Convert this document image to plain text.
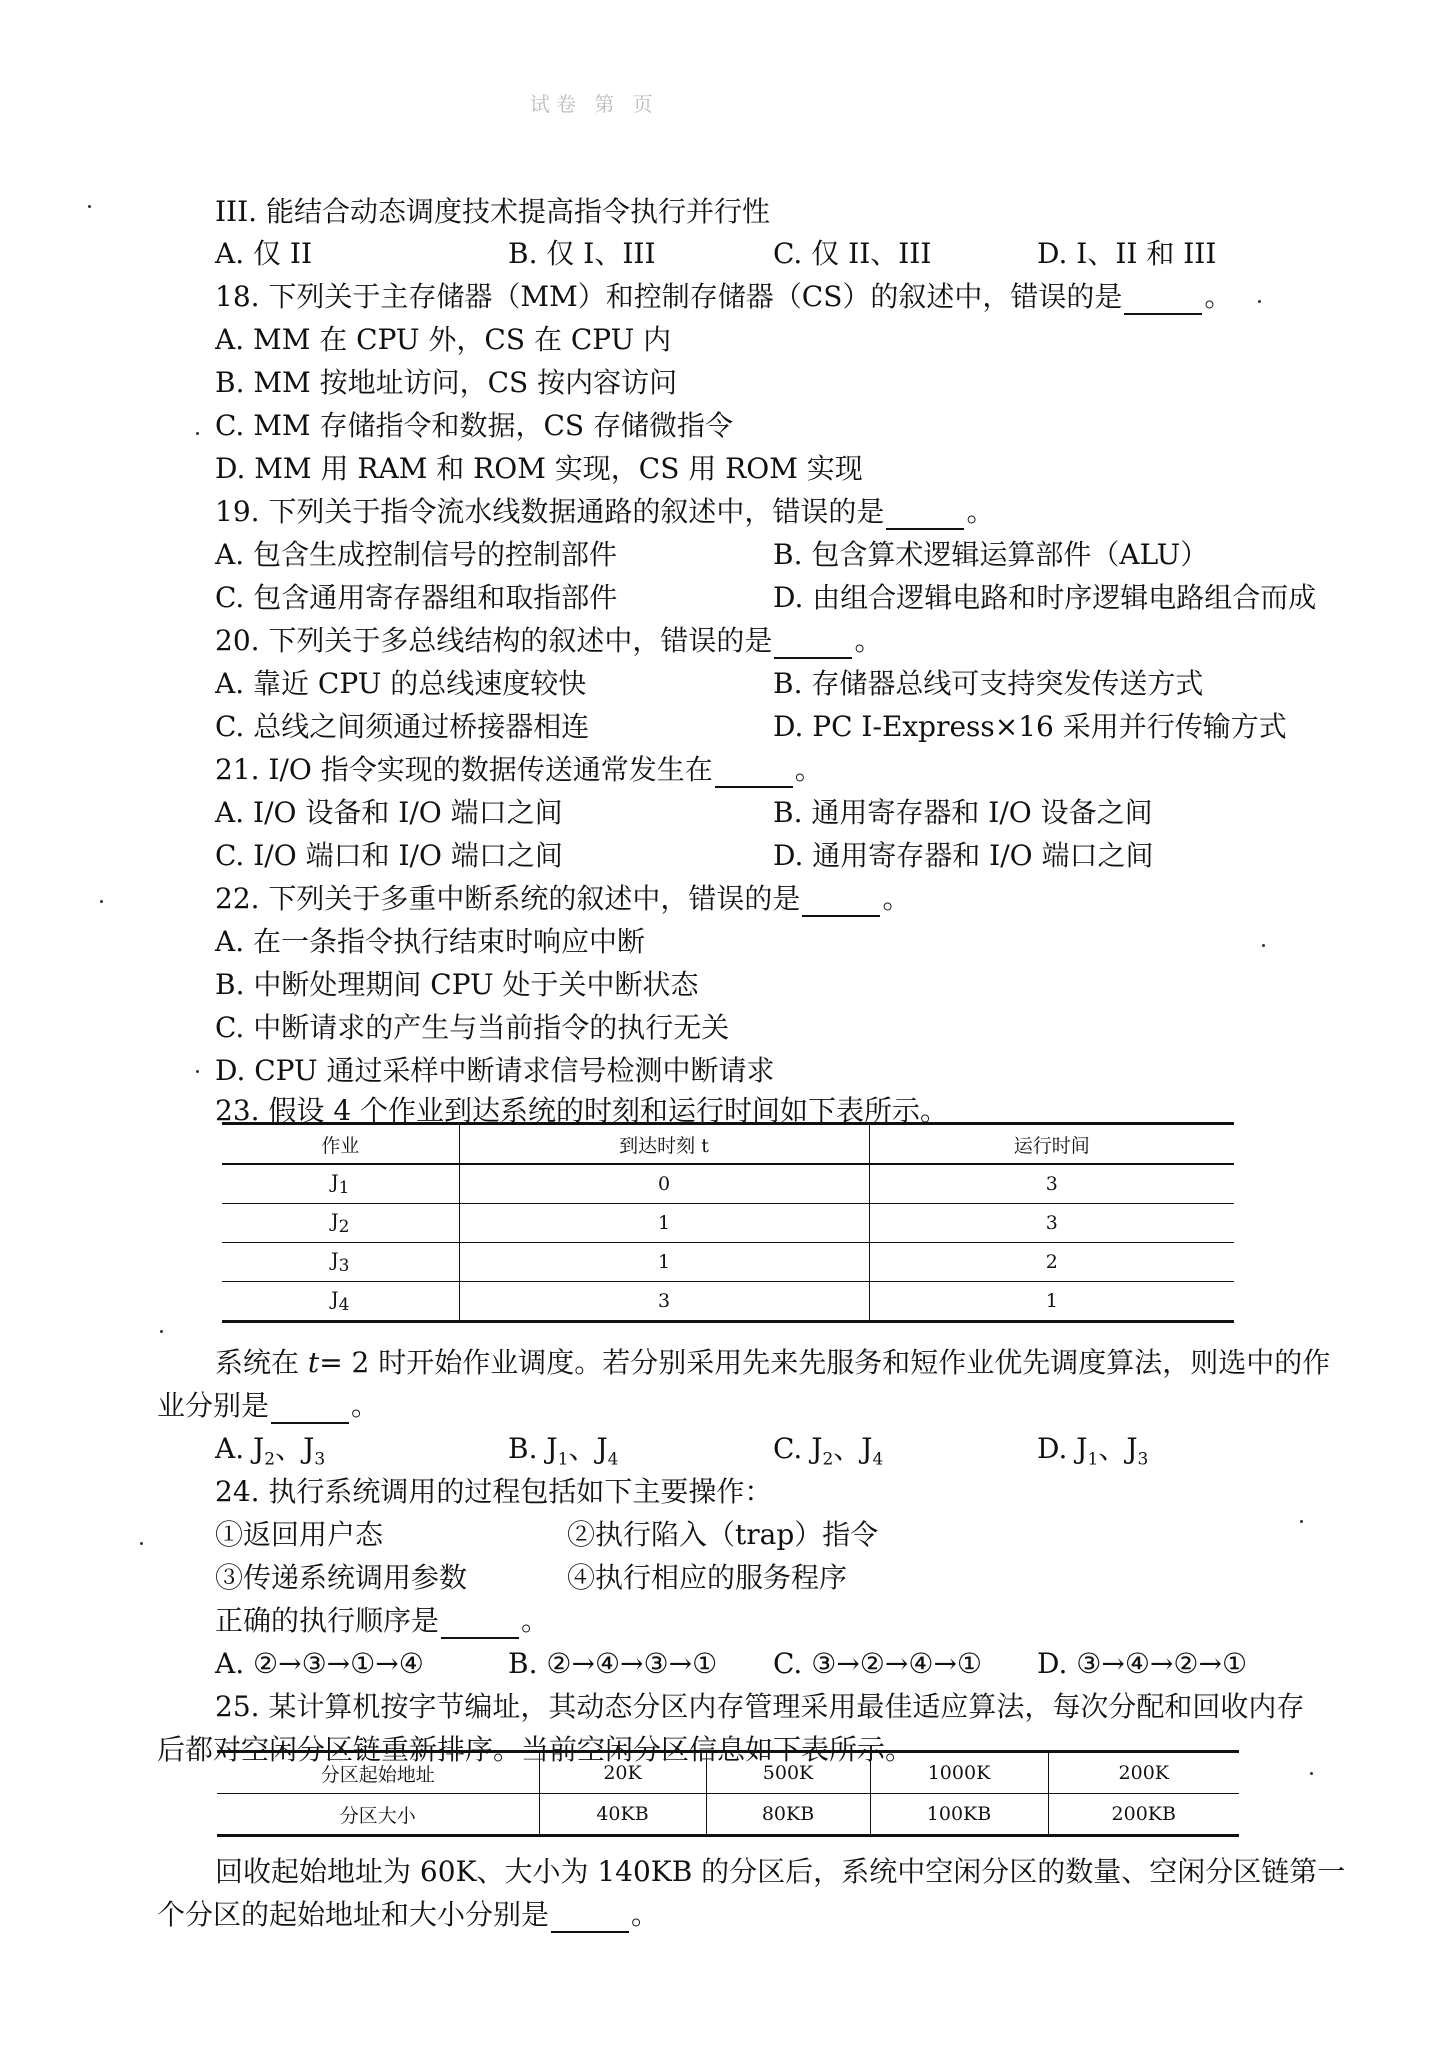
试卷 第 页
III. 能结合动态调度技术提高指令执行并行性
A. 仅 II	B. 仅 I、III	C. 仅 II、III	D. I、II 和 III
18. 下列关于主存储器（MM）和控制存储器（CS）的叙述中，错误的是	。
A. MM 在 CPU 外，CS 在 CPU 内
B. MM 按地址访问，CS 按内容访问
C. MM 存储指令和数据，CS 存储微指令
D. MM 用 RAM 和 ROM 实现，CS 用 ROM 实现
19. 下列关于指令流水线数据通路的叙述中，错误的是	。
A. 包含生成控制信号的控制部件	B. 包含算术逻辑运算部件（ALU）
C. 包含通用寄存器组和取指部件	D. 由组合逻辑电路和时序逻辑电路组合而成
20. 下列关于多总线结构的叙述中，错误的是	。
A. 靠近 CPU 的总线速度较快	B. 存储器总线可支持突发传送方式
C. 总线之间须通过桥接器相连	D. PC I-Express×16 采用并行传输方式
21. I/O 指令实现的数据传送通常发生在	。
A. I/O 设备和 I/O 端口之间	B. 通用寄存器和 I/O 设备之间
C. I/O 端口和 I/O 端口之间	D. 通用寄存器和 I/O 端口之间
22. 下列关于多重中断系统的叙述中，错误的是	。
A. 在一条指令执行结束时响应中断
B. 中断处理期间 CPU 处于关中断状态
C. 中断请求的产生与当前指令的执行无关
D. CPU 通过采样中断请求信号检测中断请求
23. 假设 4 个作业到达系统的时刻和运行时间如下表所示。
作业	到达时刻 t	运行时间
$J_1$	0	3
$J_2$	1	3
$J_3$	1	2
$J_4$	3	1
系统在 t= 2 时开始作业调度。若分别采用先来先服务和短作业优先调度算法，则选中的作
业分别是	。
A. $J_2$、$J_3$	B. $J_1$、$J_4$	C. $J_2$、$J_4$	D. $J_1$、$J_3$
24. 执行系统调用的过程包括如下主要操作：
①返回用户态	②执行陷入（trap）指令
③传递系统调用参数	④执行相应的服务程序
正确的执行顺序是	。
A. ②→③→①→④	B. ②→④→③→① C. ③→②→④→① D. ③→④→②→①
25. 某计算机按字节编址，其动态分区内存管理采用最佳适应算法，每次分配和回收内存
后都对空闲分区链重新排序。当前空闲分区信息如下表所示。
分区起始地址	20K	500K	1000K	200K
分区大小	40KB	80KB	100KB	200KB
回收起始地址为 60K、大小为 140KB 的分区后，系统中空闲分区的数量、空闲分区链第一
个分区的起始地址和大小分别是	。
